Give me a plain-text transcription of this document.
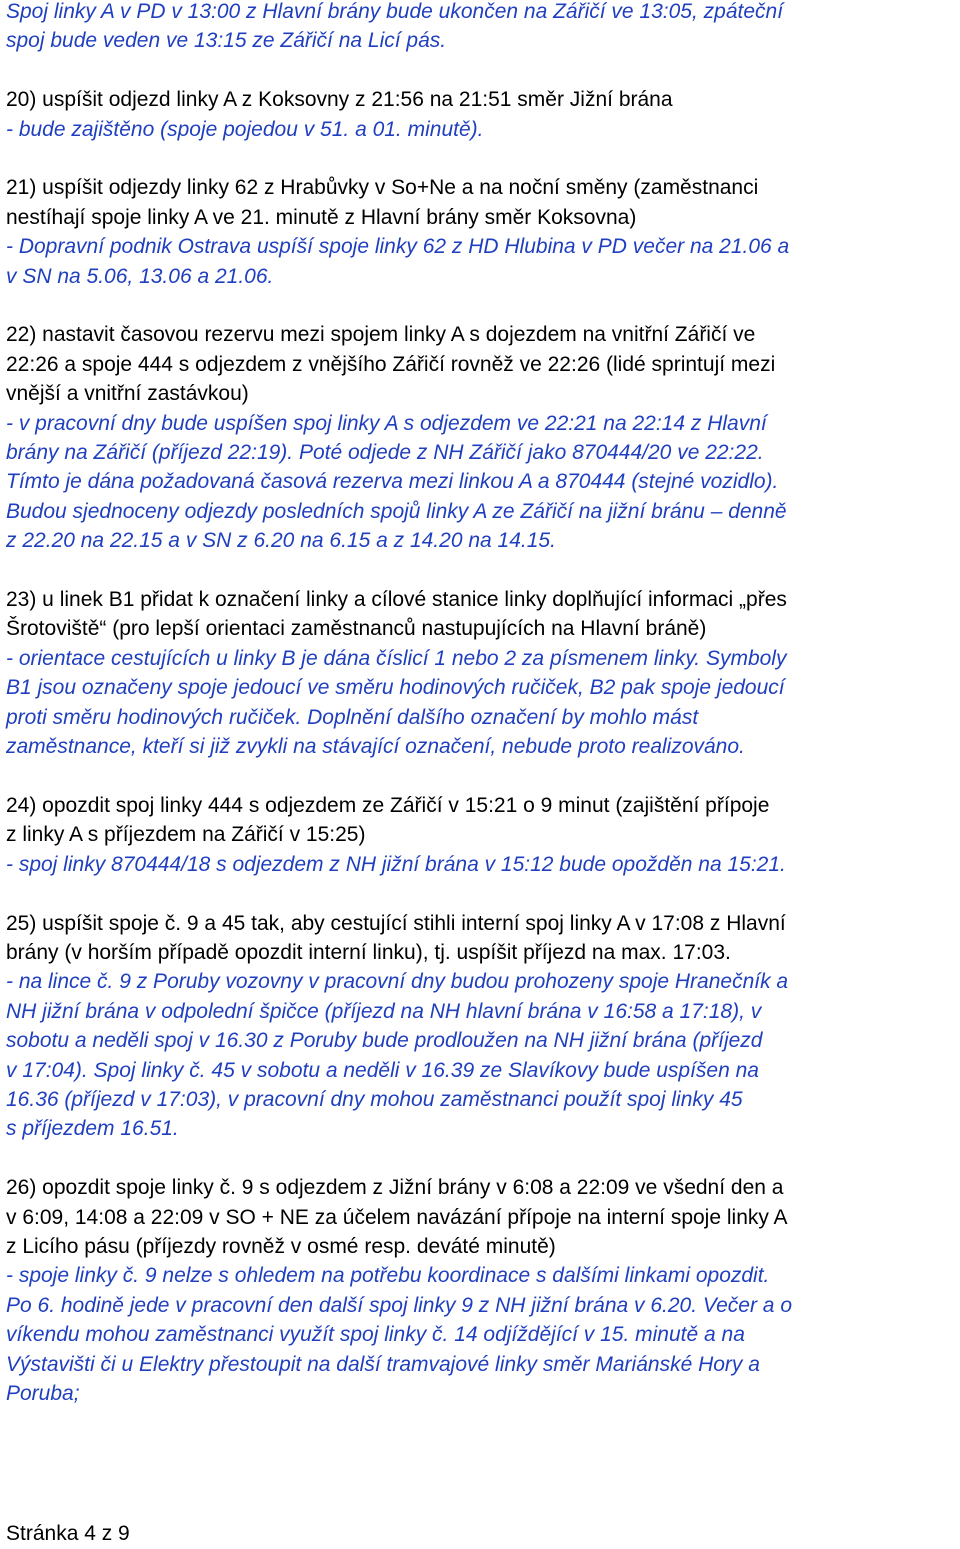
Spoj linky A v PD v 13:00 z Hlavní brány bude ukončen na Zářičí ve 13:05, zpáteční
spoj bude veden ve 13:15 ze Zářičí na Licí pás.
20) uspíšit odjezd linky A z Koksovny z 21:56 na 21:51 směr Jižní brána
- bude zajištěno (spoje pojedou v 51. a 01. minutě).
21) uspíšit odjezdy linky 62 z Hrabůvky v So+Ne a na noční směny (zaměstnanci
nestíhají spoje linky A ve 21. minutě z Hlavní brány směr Koksovna)
- Dopravní podnik Ostrava uspíší spoje linky 62 z HD Hlubina v PD večer na 21.06 a
v SN na 5.06, 13.06 a 21.06.
22) nastavit časovou rezervu mezi spojem linky A s dojezdem na vnitřní Zářičí ve
22:26 a spoje 444 s odjezdem z vnějšího Zářičí rovněž ve 22:26 (lidé sprintují mezi
vnější a vnitřní zastávkou)
- v pracovní dny bude uspíšen spoj linky A s odjezdem ve 22:21 na 22:14 z Hlavní
brány na Zářičí (příjezd 22:19). Poté odjede z NH Zářičí jako 870444/20 ve 22:22.
Tímto je dána požadovaná časová rezerva mezi linkou A a 870444 (stejné vozidlo).
Budou sjednoceny odjezdy posledních spojů linky A ze Zářičí na jižní bránu – denně
z 22.20 na 22.15 a v SN z 6.20 na 6.15 a z 14.20 na 14.15.
23) u linek B1 přidat k označení linky a cílové stanice linky doplňující informaci „přes
Šrotoviště“ (pro lepší orientaci zaměstnanců nastupujících na Hlavní bráně)
- orientace cestujících u linky B je dána číslicí 1 nebo 2 za písmenem linky. Symboly
B1 jsou označeny spoje jedoucí ve směru hodinových ručiček, B2 pak spoje jedoucí
proti směru hodinových ručiček. Doplnění dalšího označení by mohlo mást
zaměstnance, kteří si již zvykli na stávající označení, nebude proto realizováno.
24) opozdit spoj linky 444 s odjezdem ze Zářičí v 15:21 o 9 minut (zajištění přípoje
z linky A s příjezdem na Zářičí v 15:25)
- spoj linky 870444/18 s odjezdem z NH jižní brána v 15:12 bude opožděn na 15:21.
25) uspíšit spoje č. 9 a 45 tak, aby cestující stihli interní spoj linky A v 17:08 z Hlavní
brány (v horším případě opozdit interní linku), tj. uspíšit příjezd na max. 17:03.
- na lince č. 9 z Poruby vozovny v pracovní dny budou prohozeny spoje Hranečník a
NH jižní brána v odpolední špičce (příjezd na NH hlavní brána v 16:58 a 17:18), v
sobotu a neděli spoj v 16.30 z Poruby bude prodloužen na NH jižní brána (příjezd
v 17:04). Spoj linky č. 45 v sobotu a neděli v 16.39 ze Slavíkovy bude uspíšen na
16.36 (příjezd v 17:03), v pracovní dny mohou zaměstnanci použít spoj linky 45
s příjezdem 16.51.
26) opozdit spoje linky č. 9 s odjezdem z Jižní brány v 6:08 a 22:09 ve všední den a
v 6:09, 14:08 a 22:09 v SO + NE za účelem navázání přípoje na interní spoje linky A
z Licího pásu (příjezdy rovněž v osmé resp. deváté minutě)
- spoje linky č. 9 nelze s ohledem na potřebu koordinace s dalšími linkami opozdit.
Po 6. hodině jede v pracovní den další spoj linky 9 z NH jižní brána v 6.20. Večer a o
víkendu mohou zaměstnanci využít spoj linky č. 14 odjíždějící v 15. minutě a na
Výstavišti či u Elektry přestoupit na další tramvajové linky směr Mariánské Hory a
Poruba;
Stránka 4 z 9
